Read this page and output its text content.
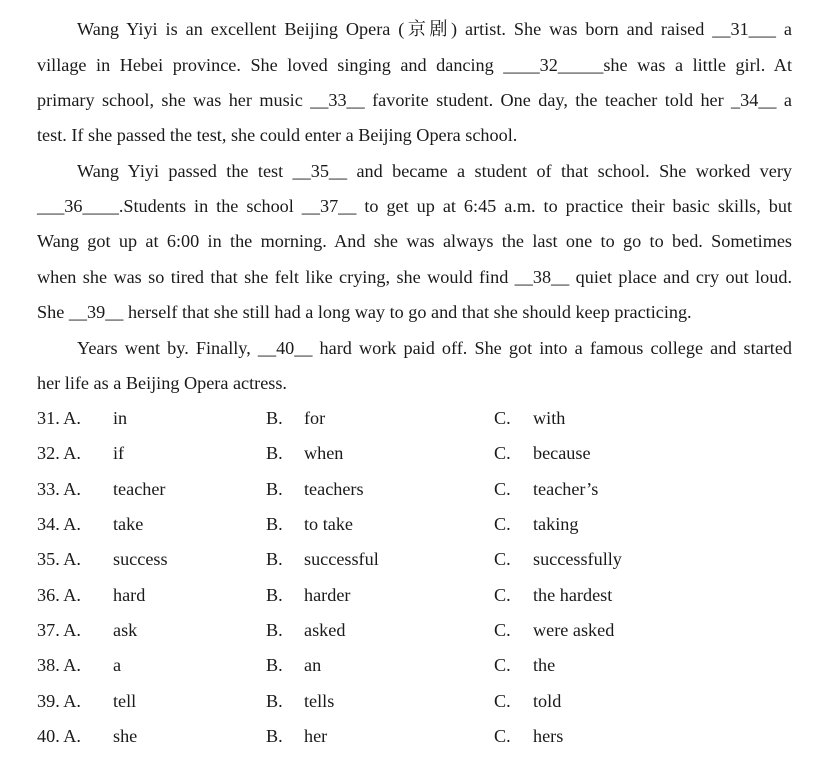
Wang Yiyi is an excellent Beijing Opera (京剧) artist. She was born and raised __31___ a
village in Hebei province. She loved singing and dancing ____32_____she was a little girl. At
primary school, she was her music __33__ favorite student. One day, the teacher told her _34__ a
test. If she passed the test, she could enter a Beijing Opera school.
Wang Yiyi passed the test __35__ and became a student of that school. She worked very
___36____.Students in the school __37__ to get up at 6:45 a.m. to practice their basic skills, but
Wang got up at 6:00 in the morning. And she was always the last one to go to bed. Sometimes
when she was so tired that she felt like crying, she would find __38__ quiet place and cry out loud.
She __39__ herself that she still had a long way to go and that she should keep practicing.
Years went by. Finally, __40__ hard work paid off. She got into a famous college and started
her life as a Beijing Opera actress.
31. A. in	B. for	C. with
32. A. if	B. when	C. because
33. A. teacher	B. teachers	C. teacher’s
34. A. take	B. to take	C. taking
35. A. success	B. successful	C. successfully
36. A. hard	B. harder	C. the hardest
37. A. ask	B. asked	C. were asked
38. A. a	B. an	C. the
39. A. tell	B. tells	C. told
40. A. she	B. her	C. hers
